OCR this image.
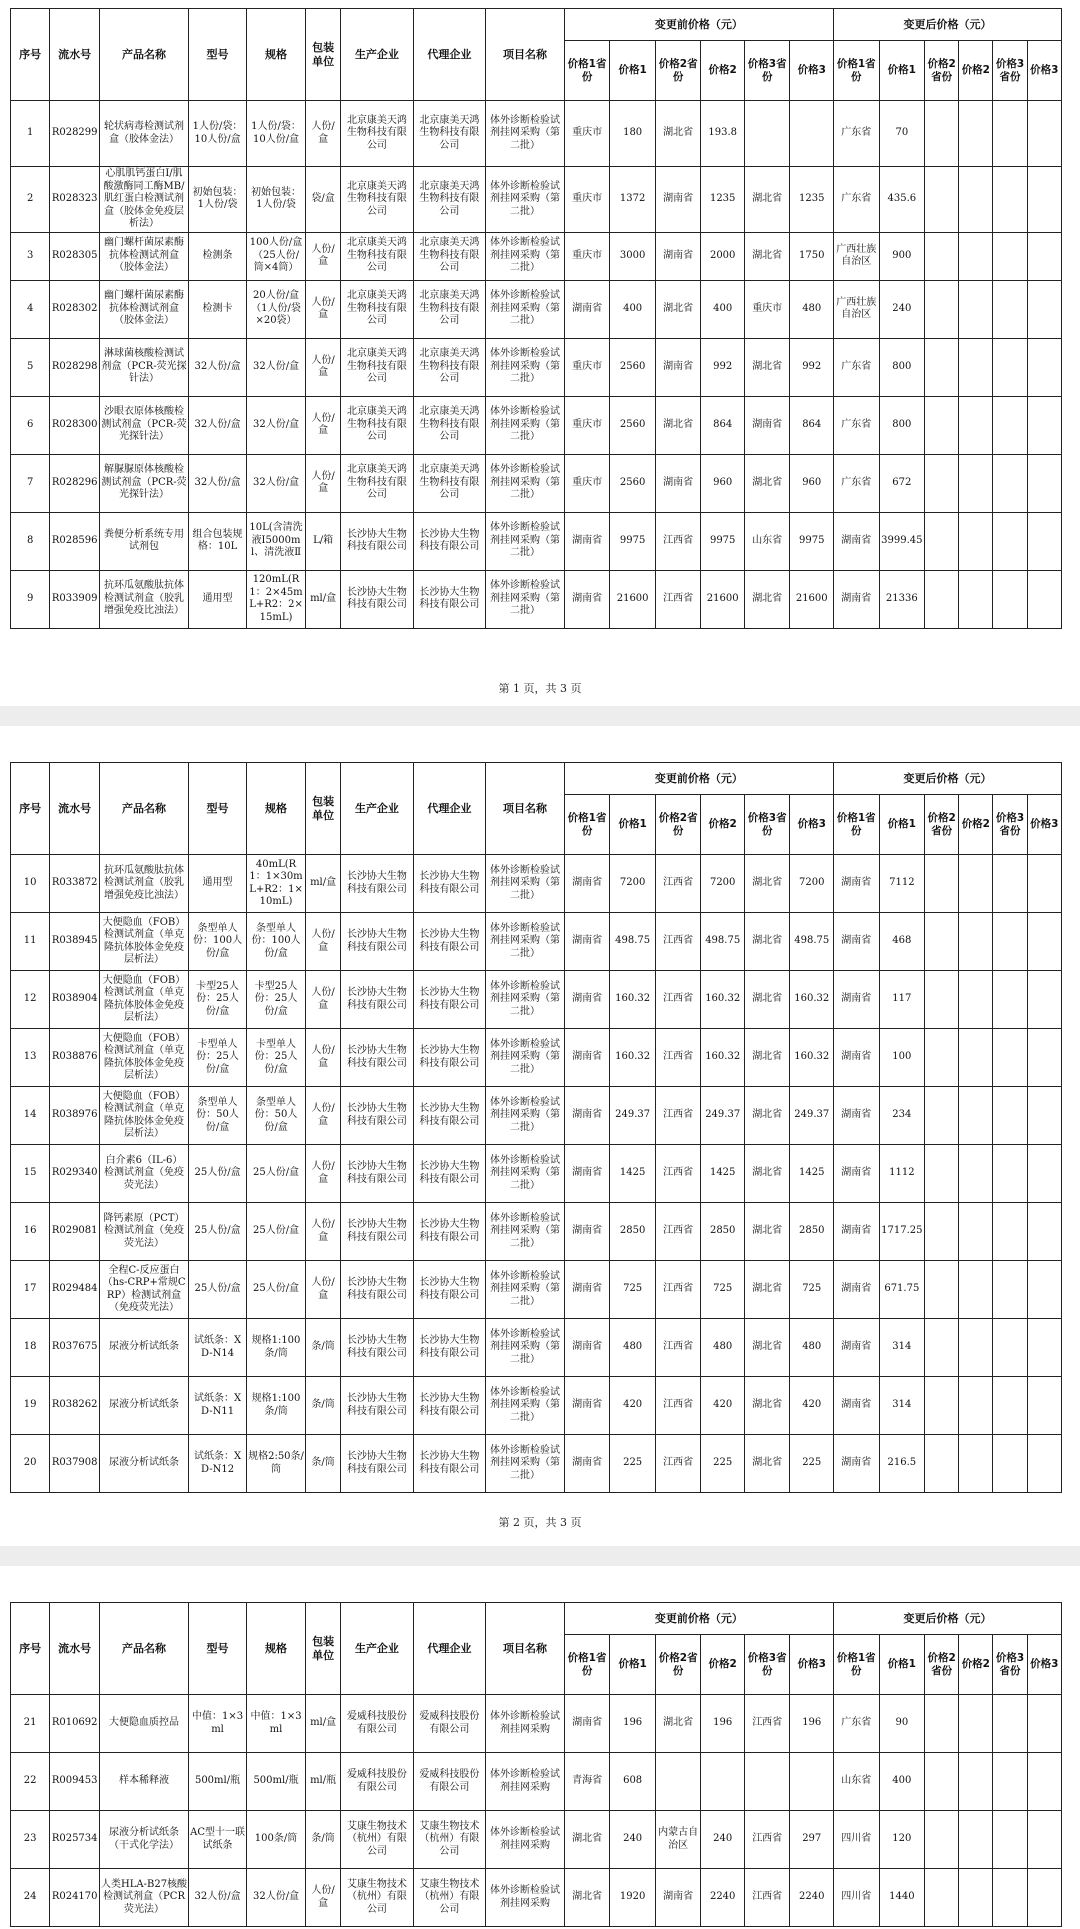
序号	流水号	产品名称	型号	规格	包装单位	生产企业	代理企业	项目名称	变更前价格（元）						变更后价格（元）					
									价格1省份	价格1	价格2省份	价格2	价格3省份	价格3	价格1省份	价格1	价格2省份	价格2	价格3省份	价格3
1	R028299	轮状病毒检测试剂盒（胶体金法）	1人份/袋：10人份/盒	1人份/袋：10人份/盒	人份/盒	北京康美天鸿生物科技有限公司	北京康美天鸿生物科技有限公司	体外诊断检验试剂挂网采购（第二批）	重庆市	180	湖北省	193.8			广东省	70				
2	R028323	心肌肌钙蛋白I/肌酸激酶同工酶MB/肌红蛋白检测试剂盒（胶体金免疫层析法）	初始包装：1人份/袋	初始包装：1人份/袋	袋/盒	北京康美天鸿生物科技有限公司	北京康美天鸿生物科技有限公司	体外诊断检验试剂挂网采购（第二批）	重庆市	1372	湖南省	1235	湖北省	1235	广东省	435.6				
3	R028305	幽门螺杆菌尿素酶抗体检测试剂盒（胶体金法）	检测条	100人份/盒（25人份/筒×4筒）	人份/盒	北京康美天鸿生物科技有限公司	北京康美天鸿生物科技有限公司	体外诊断检验试剂挂网采购（第二批）	重庆市	3000	湖南省	2000	湖北省	1750	广西壮族自治区	900				
4	R028302	幽门螺杆菌尿素酶抗体检测试剂盒（胶体金法）	检测卡	20人份/盒（1人份/袋×20袋）	人份/盒	北京康美天鸿生物科技有限公司	北京康美天鸿生物科技有限公司	体外诊断检验试剂挂网采购（第二批）	湖南省	400	湖北省	400	重庆市	480	广西壮族自治区	240				
5	R028298	淋球菌核酸检测试剂盒（PCR-荧光探针法）	32人份/盒	32人份/盒	人份/盒	北京康美天鸿生物科技有限公司	北京康美天鸿生物科技有限公司	体外诊断检验试剂挂网采购（第二批）	重庆市	2560	湖南省	992	湖北省	992	广东省	800				
6	R028300	沙眼衣原体核酸检测试剂盒（PCR-荧光探针法）	32人份/盒	32人份/盒	人份/盒	北京康美天鸿生物科技有限公司	北京康美天鸿生物科技有限公司	体外诊断检验试剂挂网采购（第二批）	重庆市	2560	湖北省	864	湖南省	864	广东省	800				
7	R028296	解脲脲原体核酸检测试剂盒（PCR-荧光探针法）	32人份/盒	32人份/盒	人份/盒	北京康美天鸿生物科技有限公司	北京康美天鸿生物科技有限公司	体外诊断检验试剂挂网采购（第二批）	重庆市	2560	湖南省	960	湖北省	960	广东省	672				
8	R028596	粪便分析系统专用试剂包	组合包装规格：10L	10L(含清洗液Ⅰ5000ml、清洗液Ⅱ	L/箱	长沙协大生物科技有限公司	长沙协大生物科技有限公司	体外诊断检验试剂挂网采购（第二批）	湖南省	9975	江西省	9975	山东省	9975	湖南省	3999.45				
9	R033909	抗环瓜氨酸肽抗体检测试剂盒（胶乳增强免疫比浊法）	通用型	120mL(R1：2×45mL+R2：2×15mL)	ml/盒	长沙协大生物科技有限公司	长沙协大生物科技有限公司	体外诊断检验试剂挂网采购（第二批）	湖南省	21600	江西省	21600	湖北省	21600	湖南省	21336				
第 1 页，共 3 页
序号	流水号	产品名称	型号	规格	包装单位	生产企业	代理企业	项目名称	变更前价格（元）						变更后价格（元）					
									价格1省份	价格1	价格2省份	价格2	价格3省份	价格3	价格1省份	价格1	价格2省份	价格2	价格3省份	价格3
10	R033872	抗环瓜氨酸肽抗体检测试剂盒（胶乳增强免疫比浊法）	通用型	40mL(R1：1×30mL+R2：1×10mL)	ml/盒	长沙协大生物科技有限公司	长沙协大生物科技有限公司	体外诊断检验试剂挂网采购（第二批）	湖南省	7200	江西省	7200	湖北省	7200	湖南省	7112				
11	R038945	大便隐血（FOB）检测试剂盒（单克隆抗体胶体金免疫层析法）	条型单人份：100人份/盒	条型单人份：100人份/盒	人份/盒	长沙协大生物科技有限公司	长沙协大生物科技有限公司	体外诊断检验试剂挂网采购（第二批）	湖南省	498.75	江西省	498.75	湖北省	498.75	湖南省	468				
12	R038904	大便隐血（FOB）检测试剂盒（单克隆抗体胶体金免疫层析法）	卡型25人份：25人份/盒	卡型25人份：25人份/盒	人份/盒	长沙协大生物科技有限公司	长沙协大生物科技有限公司	体外诊断检验试剂挂网采购（第二批）	湖南省	160.32	江西省	160.32	湖北省	160.32	湖南省	117				
13	R038876	大便隐血（FOB）检测试剂盒（单克隆抗体胶体金免疫层析法）	卡型单人份：25人份/盒	卡型单人份：25人份/盒	人份/盒	长沙协大生物科技有限公司	长沙协大生物科技有限公司	体外诊断检验试剂挂网采购（第二批）	湖南省	160.32	江西省	160.32	湖北省	160.32	湖南省	100				
14	R038976	大便隐血（FOB）检测试剂盒（单克隆抗体胶体金免疫层析法）	条型单人份：50人份/盒	条型单人份：50人份/盒	人份/盒	长沙协大生物科技有限公司	长沙协大生物科技有限公司	体外诊断检验试剂挂网采购（第二批）	湖南省	249.37	江西省	249.37	湖北省	249.37	湖南省	234				
15	R029340	白介素6（IL-6）检测试剂盒（免疫荧光法）	25人份/盒	25人份/盒	人份/盒	长沙协大生物科技有限公司	长沙协大生物科技有限公司	体外诊断检验试剂挂网采购（第二批）	湖南省	1425	江西省	1425	湖北省	1425	湖南省	1112				
16	R029081	降钙素原（PCT）检测试剂盒（免疫荧光法）	25人份/盒	25人份/盒	人份/盒	长沙协大生物科技有限公司	长沙协大生物科技有限公司	体外诊断检验试剂挂网采购（第二批）	湖南省	2850	江西省	2850	湖北省	2850	湖南省	1717.25				
17	R029484	全程C-反应蛋白（hs-CRP+常规CRP）检测试剂盒（免疫荧光法）	25人份/盒	25人份/盒	人份/盒	长沙协大生物科技有限公司	长沙协大生物科技有限公司	体外诊断检验试剂挂网采购（第二批）	湖南省	725	江西省	725	湖北省	725	湖南省	671.75				
18	R037675	尿液分析试纸条	试纸条：XD-N14	规格1:100条/筒	条/筒	长沙协大生物科技有限公司	长沙协大生物科技有限公司	体外诊断检验试剂挂网采购（第二批）	湖南省	480	江西省	480	湖北省	480	湖南省	314				
19	R038262	尿液分析试纸条	试纸条：XD-N11	规格1:100条/筒	条/筒	长沙协大生物科技有限公司	长沙协大生物科技有限公司	体外诊断检验试剂挂网采购（第二批）	湖南省	420	江西省	420	湖北省	420	湖南省	314				
20	R037908	尿液分析试纸条	试纸条：XD-N12	规格2:50条/筒	条/筒	长沙协大生物科技有限公司	长沙协大生物科技有限公司	体外诊断检验试剂挂网采购（第二批）	湖南省	225	江西省	225	湖北省	225	湖南省	216.5				
第 2 页，共 3 页
序号	流水号	产品名称	型号	规格	包装单位	生产企业	代理企业	项目名称	变更前价格（元）						变更后价格（元）					
									价格1省份	价格1	价格2省份	价格2	价格3省份	价格3	价格1省份	价格1	价格2省份	价格2	价格3省份	价格3
21	R010692	大便隐血质控品	中值：1×3ml	中值：1×3ml	ml/盒	爱威科技股份有限公司	爱威科技股份有限公司	体外诊断检验试剂挂网采购	湖南省	196	湖北省	196	江西省	196	广东省	90				
22	R009453	样本稀释液	500ml/瓶	500ml/瓶	ml/瓶	爱威科技股份有限公司	爱威科技股份有限公司	体外诊断检验试剂挂网采购	青海省	608					山东省	400				
23	R025734	尿液分析试纸条（干式化学法）	AC型十一联试纸条	100条/筒	条/筒	艾康生物技术（杭州）有限公司	艾康生物技术（杭州）有限公司	体外诊断检验试剂挂网采购	湖北省	240	内蒙古自治区	240	江西省	297	四川省	120				
24	R024170	人类HLA-B27核酸检测试剂盒（PCR荧光法）	32人份/盒	32人份/盒	人份/盒	艾康生物技术（杭州）有限公司	艾康生物技术（杭州）有限公司	体外诊断检验试剂挂网采购	湖北省	1920	湖南省	2240	江西省	2240	四川省	1440				
